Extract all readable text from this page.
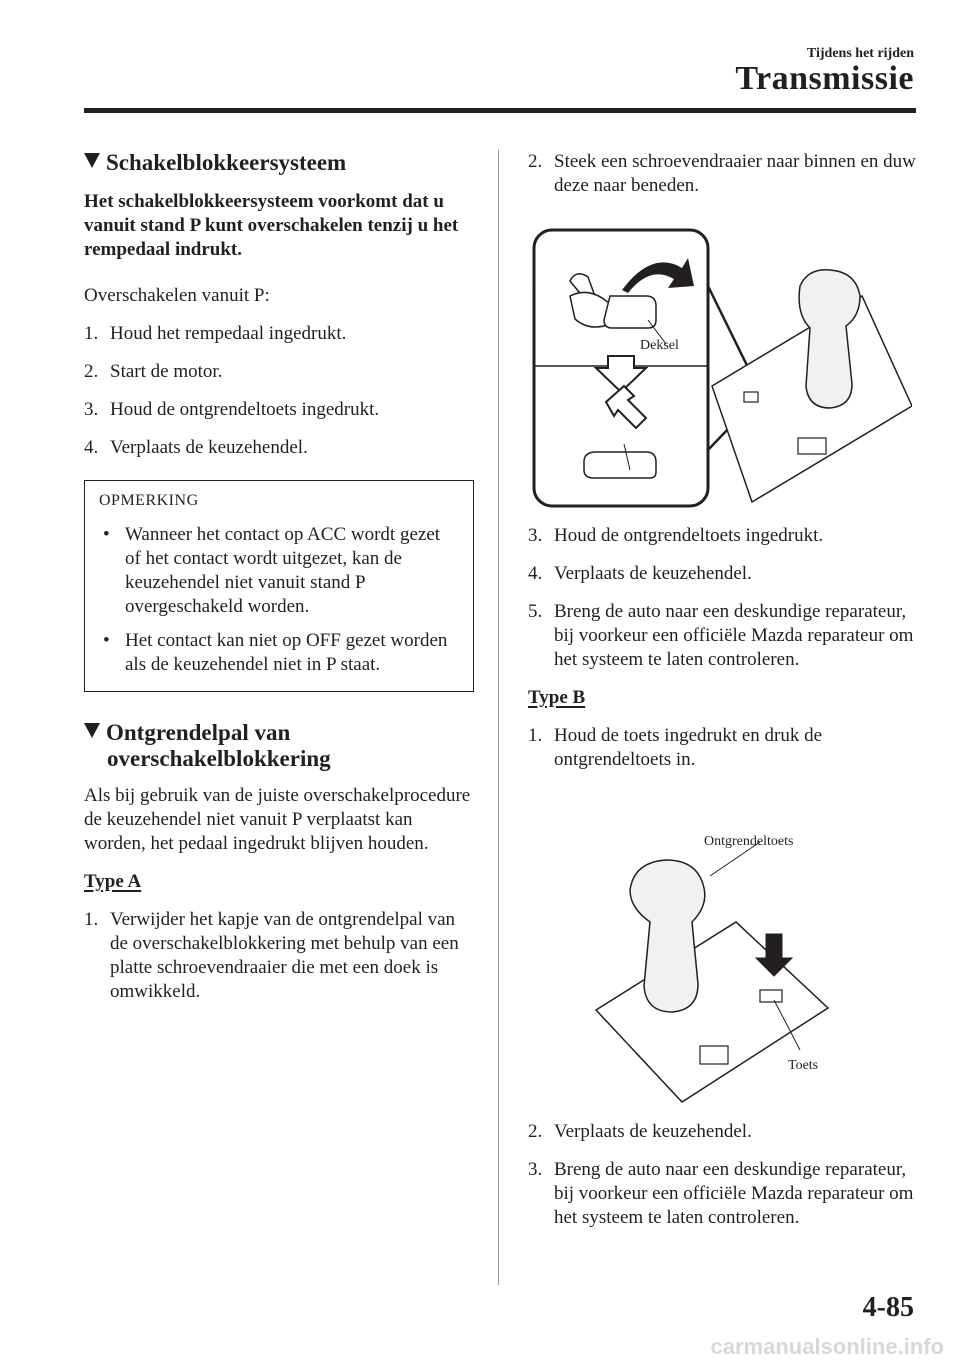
Tijdens het rijden
Transmissie
Schakelblokkeersysteem

Het schakelblokkeersysteem voorkomt dat u vanuit stand P kunt overschakelen tenzij u het rempedaal indrukt.

Overschakelen vanuit P:

1. Houd het rempedaal ingedrukt.
2. Start de motor.
3. Houd de ontgrendeltoets ingedrukt.
4. Verplaats de keuzehendel.
OPMERKING
• Wanneer het contact op ACC wordt gezet of het contact wordt uitgezet, kan de keuzehendel niet vanuit stand P overgeschakeld worden.
• Het contact kan niet op OFF gezet worden als de keuzehendel niet in P staat.
Ontgrendelpal van
overschakelblokkering

Als bij gebruik van de juiste overschakelprocedure de keuzehendel niet vanuit P verplaatst kan worden, het pedaal ingedrukt blijven houden.

Type A

1. Verwijder het kapje van de ontgrendelpal van de overschakelblokkering met behulp van een platte schroevendraaier die met een doek is omwikkeld.
2. Steek een schroevendraaier naar binnen en duw deze naar beneden.
Deksel
3. Houd de ontgrendeltoets ingedrukt.
4. Verplaats de keuzehendel.
5. Breng de auto naar een deskundige reparateur, bij voorkeur een officiële Mazda reparateur om het systeem te laten controleren.

Type B

1. Houd de toets ingedrukt en druk de ontgrendeltoets in.
Ontgrendeltoets
Toets
2. Verplaats de keuzehendel.
3. Breng de auto naar een deskundige reparateur, bij voorkeur een officiële Mazda reparateur om het systeem te laten controleren.
4-85
carmanualsonline.info
